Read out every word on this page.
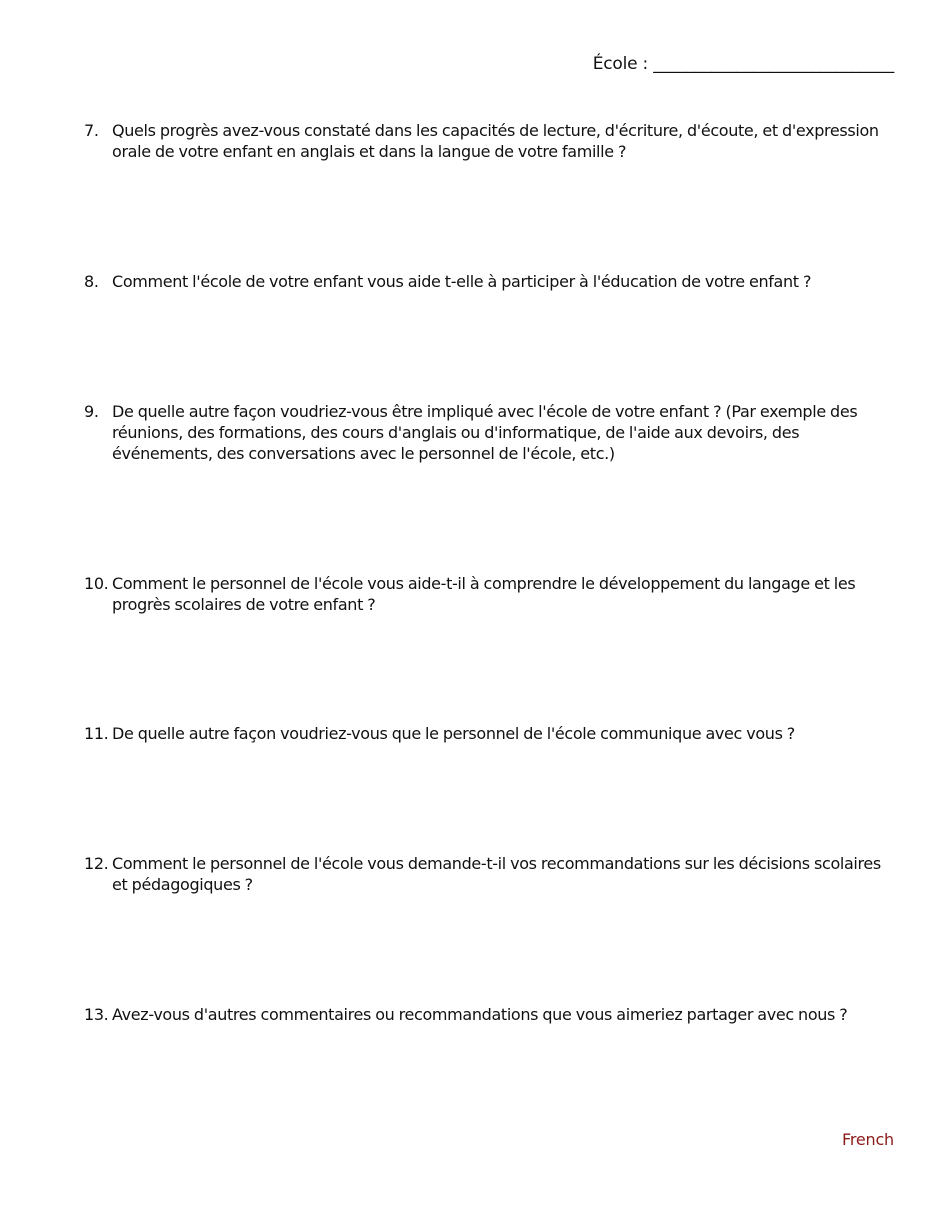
École : _____________________________
7. Quels progrès avez-vous constaté dans les capacités de lecture, d'écriture, d'écoute, et d'expression orale de votre enfant en anglais et dans la langue de votre famille ?
8. Comment l'école de votre enfant vous aide t-elle à participer à l'éducation de votre enfant ?
9. De quelle autre façon voudriez-vous être impliqué avec l'école de votre enfant ? (Par exemple des réunions, des formations, des cours d'anglais ou d'informatique, de l'aide aux devoirs, des événements, des conversations avec le personnel de l'école, etc.)
10. Comment le personnel de l'école vous aide-t-il à comprendre le développement du langage et les progrès scolaires de votre enfant ?
11. De quelle autre façon voudriez-vous que le personnel de l'école communique avec vous ?
12. Comment le personnel de l'école vous demande-t-il vos recommandations sur les décisions scolaires et pédagogiques ?
13. Avez-vous d'autres commentaires ou recommandations que vous aimeriez partager avec nous ?
French
